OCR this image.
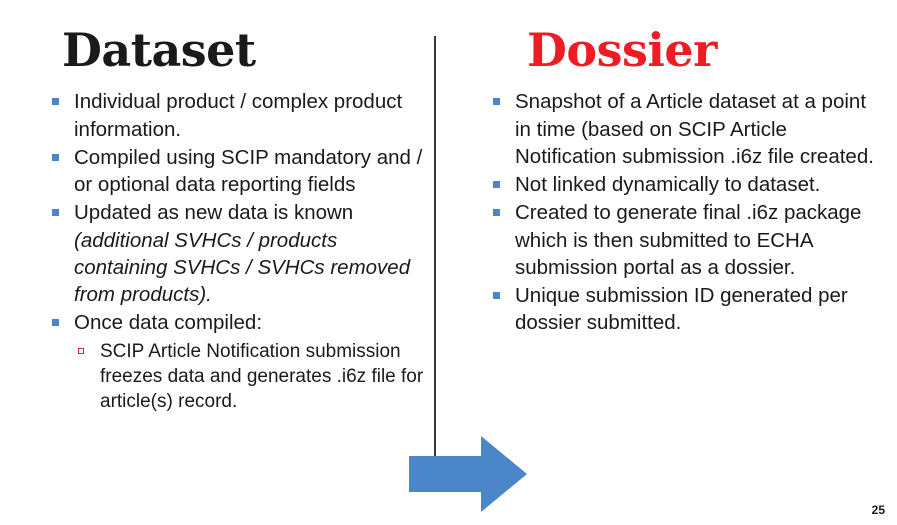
Dataset
Individual product / complex product information.
Compiled using SCIP mandatory and / or optional data reporting fields
Updated as new data is known (additional SVHCs / products containing SVHCs / SVHCs removed from products).
Once data compiled:
SCIP Article Notification submission freezes data and generates .i6z file for article(s) record.
Dossier
Snapshot of a Article dataset at a point in time (based on SCIP Article Notification submission .i6z file created.
Not linked dynamically to dataset.
Created to generate final .i6z package which is then submitted to ECHA submission portal as a dossier.
Unique submission ID generated per dossier submitted.
25
